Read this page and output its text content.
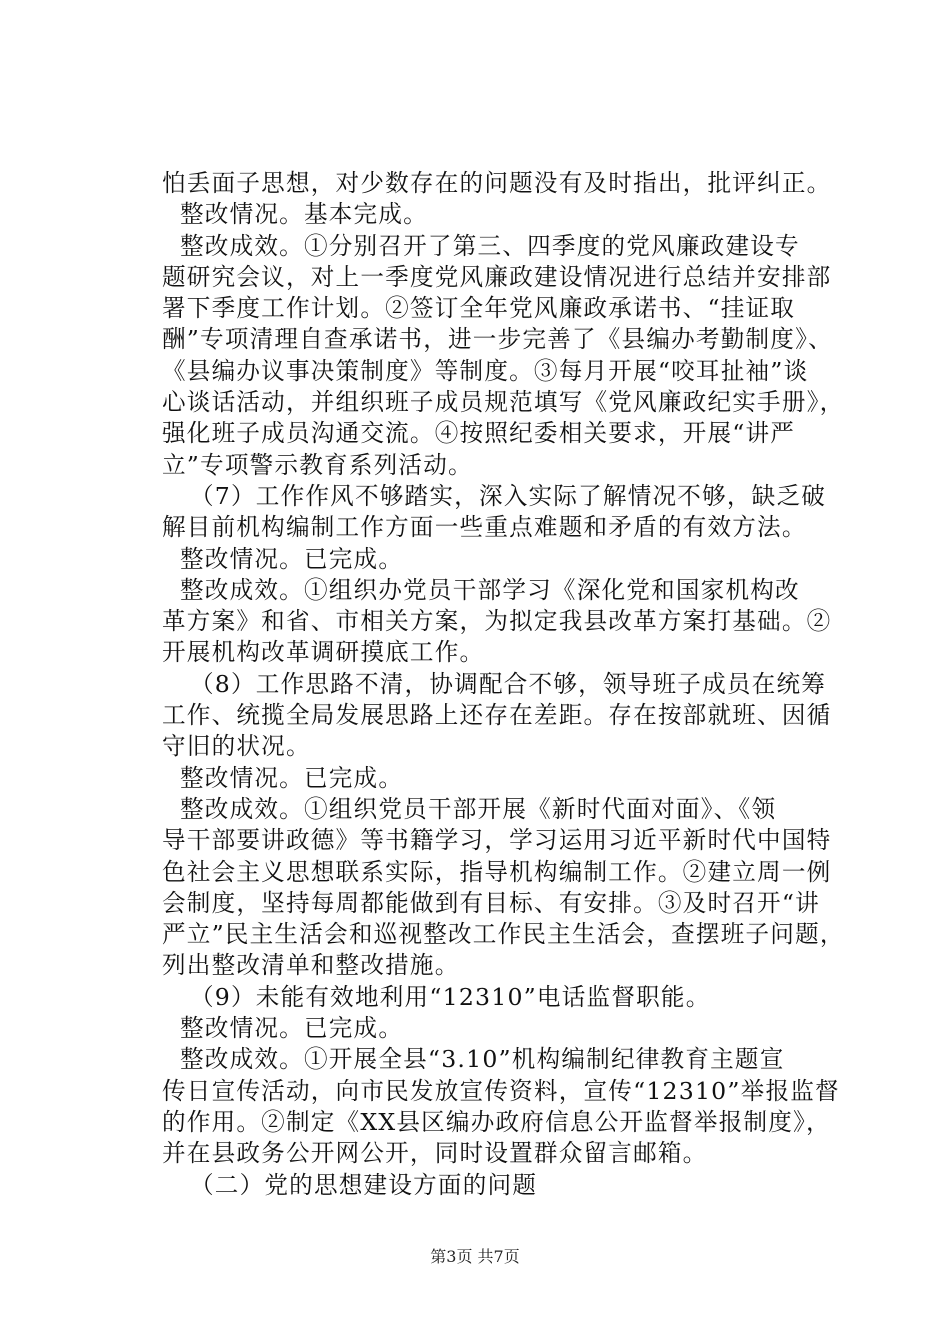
怕丢面子思想，对少数存在的问题没有及时指出，批评纠正。
整改情况。基本完成。
整改成效。①分别召开了第三、四季度的党风廉政建设专
题研究会议，对上一季度党风廉政建设情况进行总结并安排部
署下季度工作计划。②签订全年党风廉政承诺书、“挂证取
酬”专项清理自查承诺书，进一步完善了《县编办考勤制度》、
《县编办议事决策制度》等制度。③每月开展“咬耳扯袖”谈
心谈话活动，并组织班子成员规范填写《党风廉政纪实手册》，
强化班子成员沟通交流。④按照纪委相关要求，开展“讲严
立”专项警示教育系列活动。
（7）工作作风不够踏实，深入实际了解情况不够，缺乏破
解目前机构编制工作方面一些重点难题和矛盾的有效方法。
整改情况。已完成。
整改成效。①组织办党员干部学习《深化党和国家机构改
革方案》和省、市相关方案，为拟定我县改革方案打基础。②
开展机构改革调研摸底工作。
（8）工作思路不清，协调配合不够，领导班子成员在统筹
工作、统揽全局发展思路上还存在差距。存在按部就班、因循
守旧的状况。
整改情况。已完成。
整改成效。①组织党员干部开展《新时代面对面》、《领
导干部要讲政德》等书籍学习，学习运用习近平新时代中国特
色社会主义思想联系实际，指导机构编制工作。②建立周一例
会制度，坚持每周都能做到有目标、有安排。③及时召开“讲
严立”民主生活会和巡视整改工作民主生活会，查摆班子问题，
列出整改清单和整改措施。
（9）未能有效地利用“12310”电话监督职能。
整改情况。已完成。
整改成效。①开展全县“3.10”机构编制纪律教育主题宣
传日宣传活动，向市民发放宣传资料，宣传“12310”举报监督
的作用。②制定《XX县区编办政府信息公开监督举报制度》，
并在县政务公开网公开，同时设置群众留言邮箱。
（二）党的思想建设方面的问题
第3页 共7页
